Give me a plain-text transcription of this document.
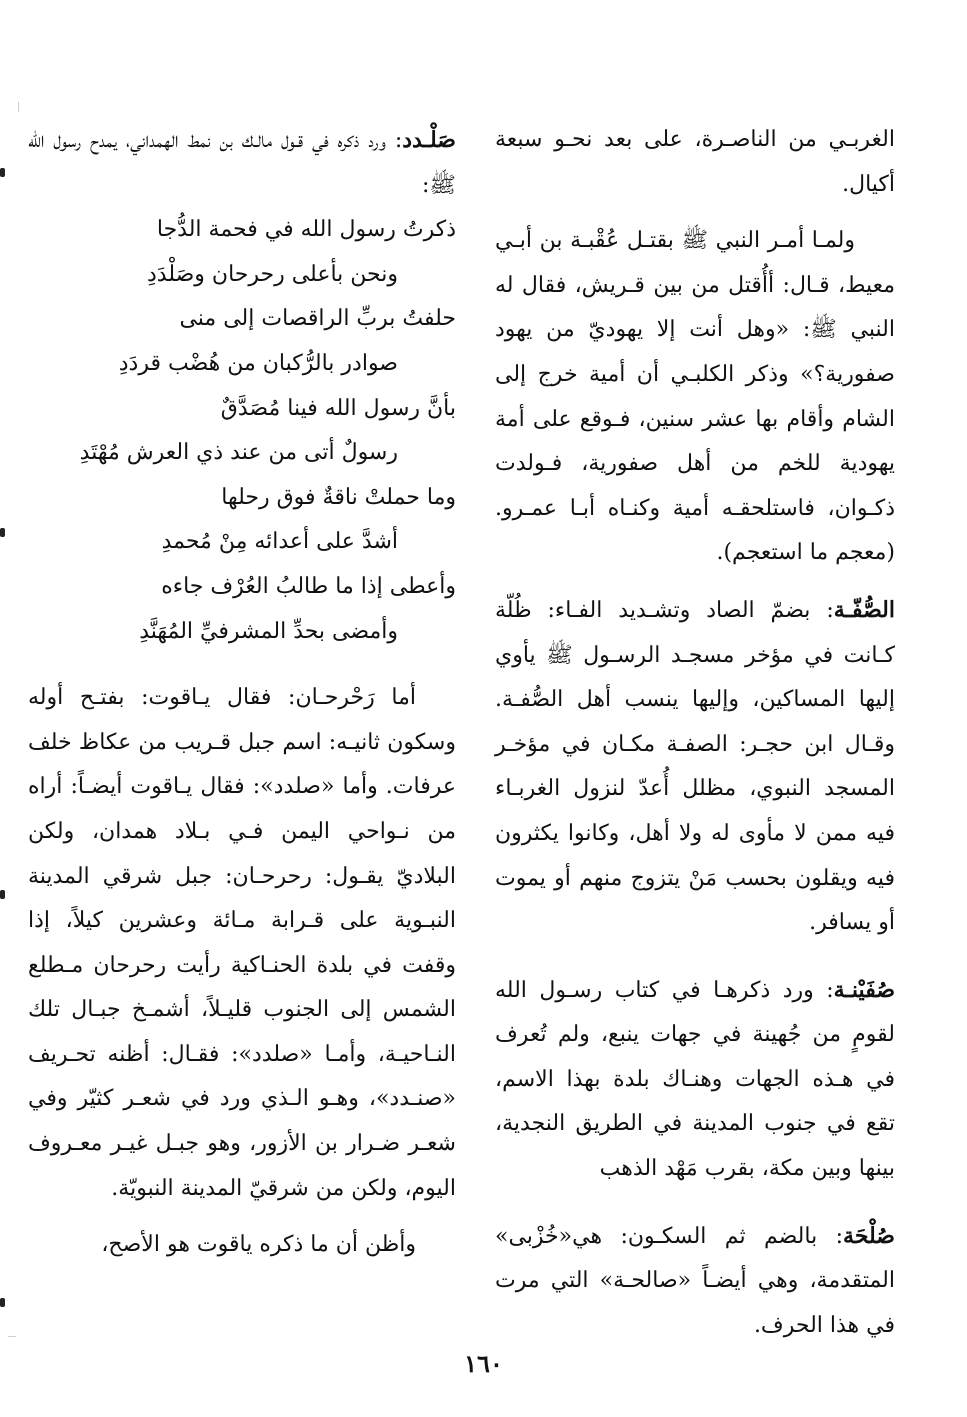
الغربـي من الناصـرة، على بعد نحـو سبعة أكيال.

ولمـا أمـر النبي ﷺ بقتـل عُقْبـة بن أبـي معيط، قـال: أأُقتل من بين قـريش، فقال له النبي ﷺ: «وهل أنت إلا يهوديّ من يهود صفورية؟» وذكر الكلبـي أن أمية خرج إلى الشام وأقام بها عشر سنين، فـوقع على أمة يهودية للخم من أهل صفورية، فـولدت ذكـوان، فاستلحقـه أمية وكنـاه أبـا عمـرو. (معجم ما استعجم).

الصُّفّـة: بضمّ الصاد وتشـديد الفـاء: ظُلّة كـانت في مؤخر مسجـد الرسـول ﷺ يأوي إليها المساكين، وإليها ينسب أهل الصُّفـة. وقـال ابن حجـر: الصفـة مكـان في مؤخـر المسجد النبوي، مظلل أُعدّ لنزول الغربـاء فيه ممن لا مأوى له ولا أهل، وكانوا يكثرون فيه ويقلون بحسب مَنْ يتزوج منهم أو يموت أو يسافر.

صُفَيْنـة: ورد ذكرهـا في كتاب رسـول الله لقومٍ من جُهينة في جهات ينبع، ولم تُعرف في هـذه الجهات وهنـاك بلدة بهذا الاسم، تقع في جنوب المدينة في الطريق النجدية، بينها وبين مكة، بقرب مَهْد الذهب

صُلْحَة: بالضم ثم السكـون: هي«خُزْبى» المتقدمة، وهي أيضـاً «صالحـة» التي مرت في هذا الحرف.

صَلْـدد: ورد ذكره في قـول مالـك بن نمط الهمداني، يمدح رسول الله ﷺ:

ذكرتُ رسول الله في فحمة الدُّجا

ونحن بأعلى رحرحان وصَلْدَدِ

حلفتُ بربِّ الراقصات إلى منى

صوادر بالرُّكبان من هُضْب قردَدِ

بأنَّ رسول الله فينا مُصَدَّقٌ

رسولٌ أتى من عند ذي العرش مُهْتَدِ

وما حملتْ ناقةٌ فوق رحلها

أشدَّ على أعدائه مِنْ مُحمدِ

وأعطى إذا ما طالبُ العُرْف جاءه

وأمضى بحدِّ المشرفيِّ المُهَنَّدِ

أما رَحْرحـان: فقال يـاقوت: بفتـح أوله وسكون ثانيـه: اسم جبل قـريب من عكاظ خلف عرفات. وأما «صلدد»: فقال يـاقوت أيضـاً: أراه من نـواحي اليمن فـي بـلاد همدان، ولكن البلاديّ يقـول: رحرحـان: جبل شرقي المدينة النبـوية على قـرابة مـائة وعشرين كيلاً، إذا وقفت في بلدة الحنـاكية رأيت رحرحان مـطلع الشمس إلى الجنوب قليـلاً، أشمـخ جبـال تلك النـاحيـة، وأمـا «صلدد»: فقـال: أظنه تحـريف «صنـدد»، وهـو الـذي ورد في شعـر كثيّر وفي شعـر ضـرار بن الأزور، وهو جبـل غيـر معـروف اليوم، ولكن من شرقيّ المدينة النبويّة.

وأظن أن ما ذكره ياقوت هو الأصح،

١٦٠
